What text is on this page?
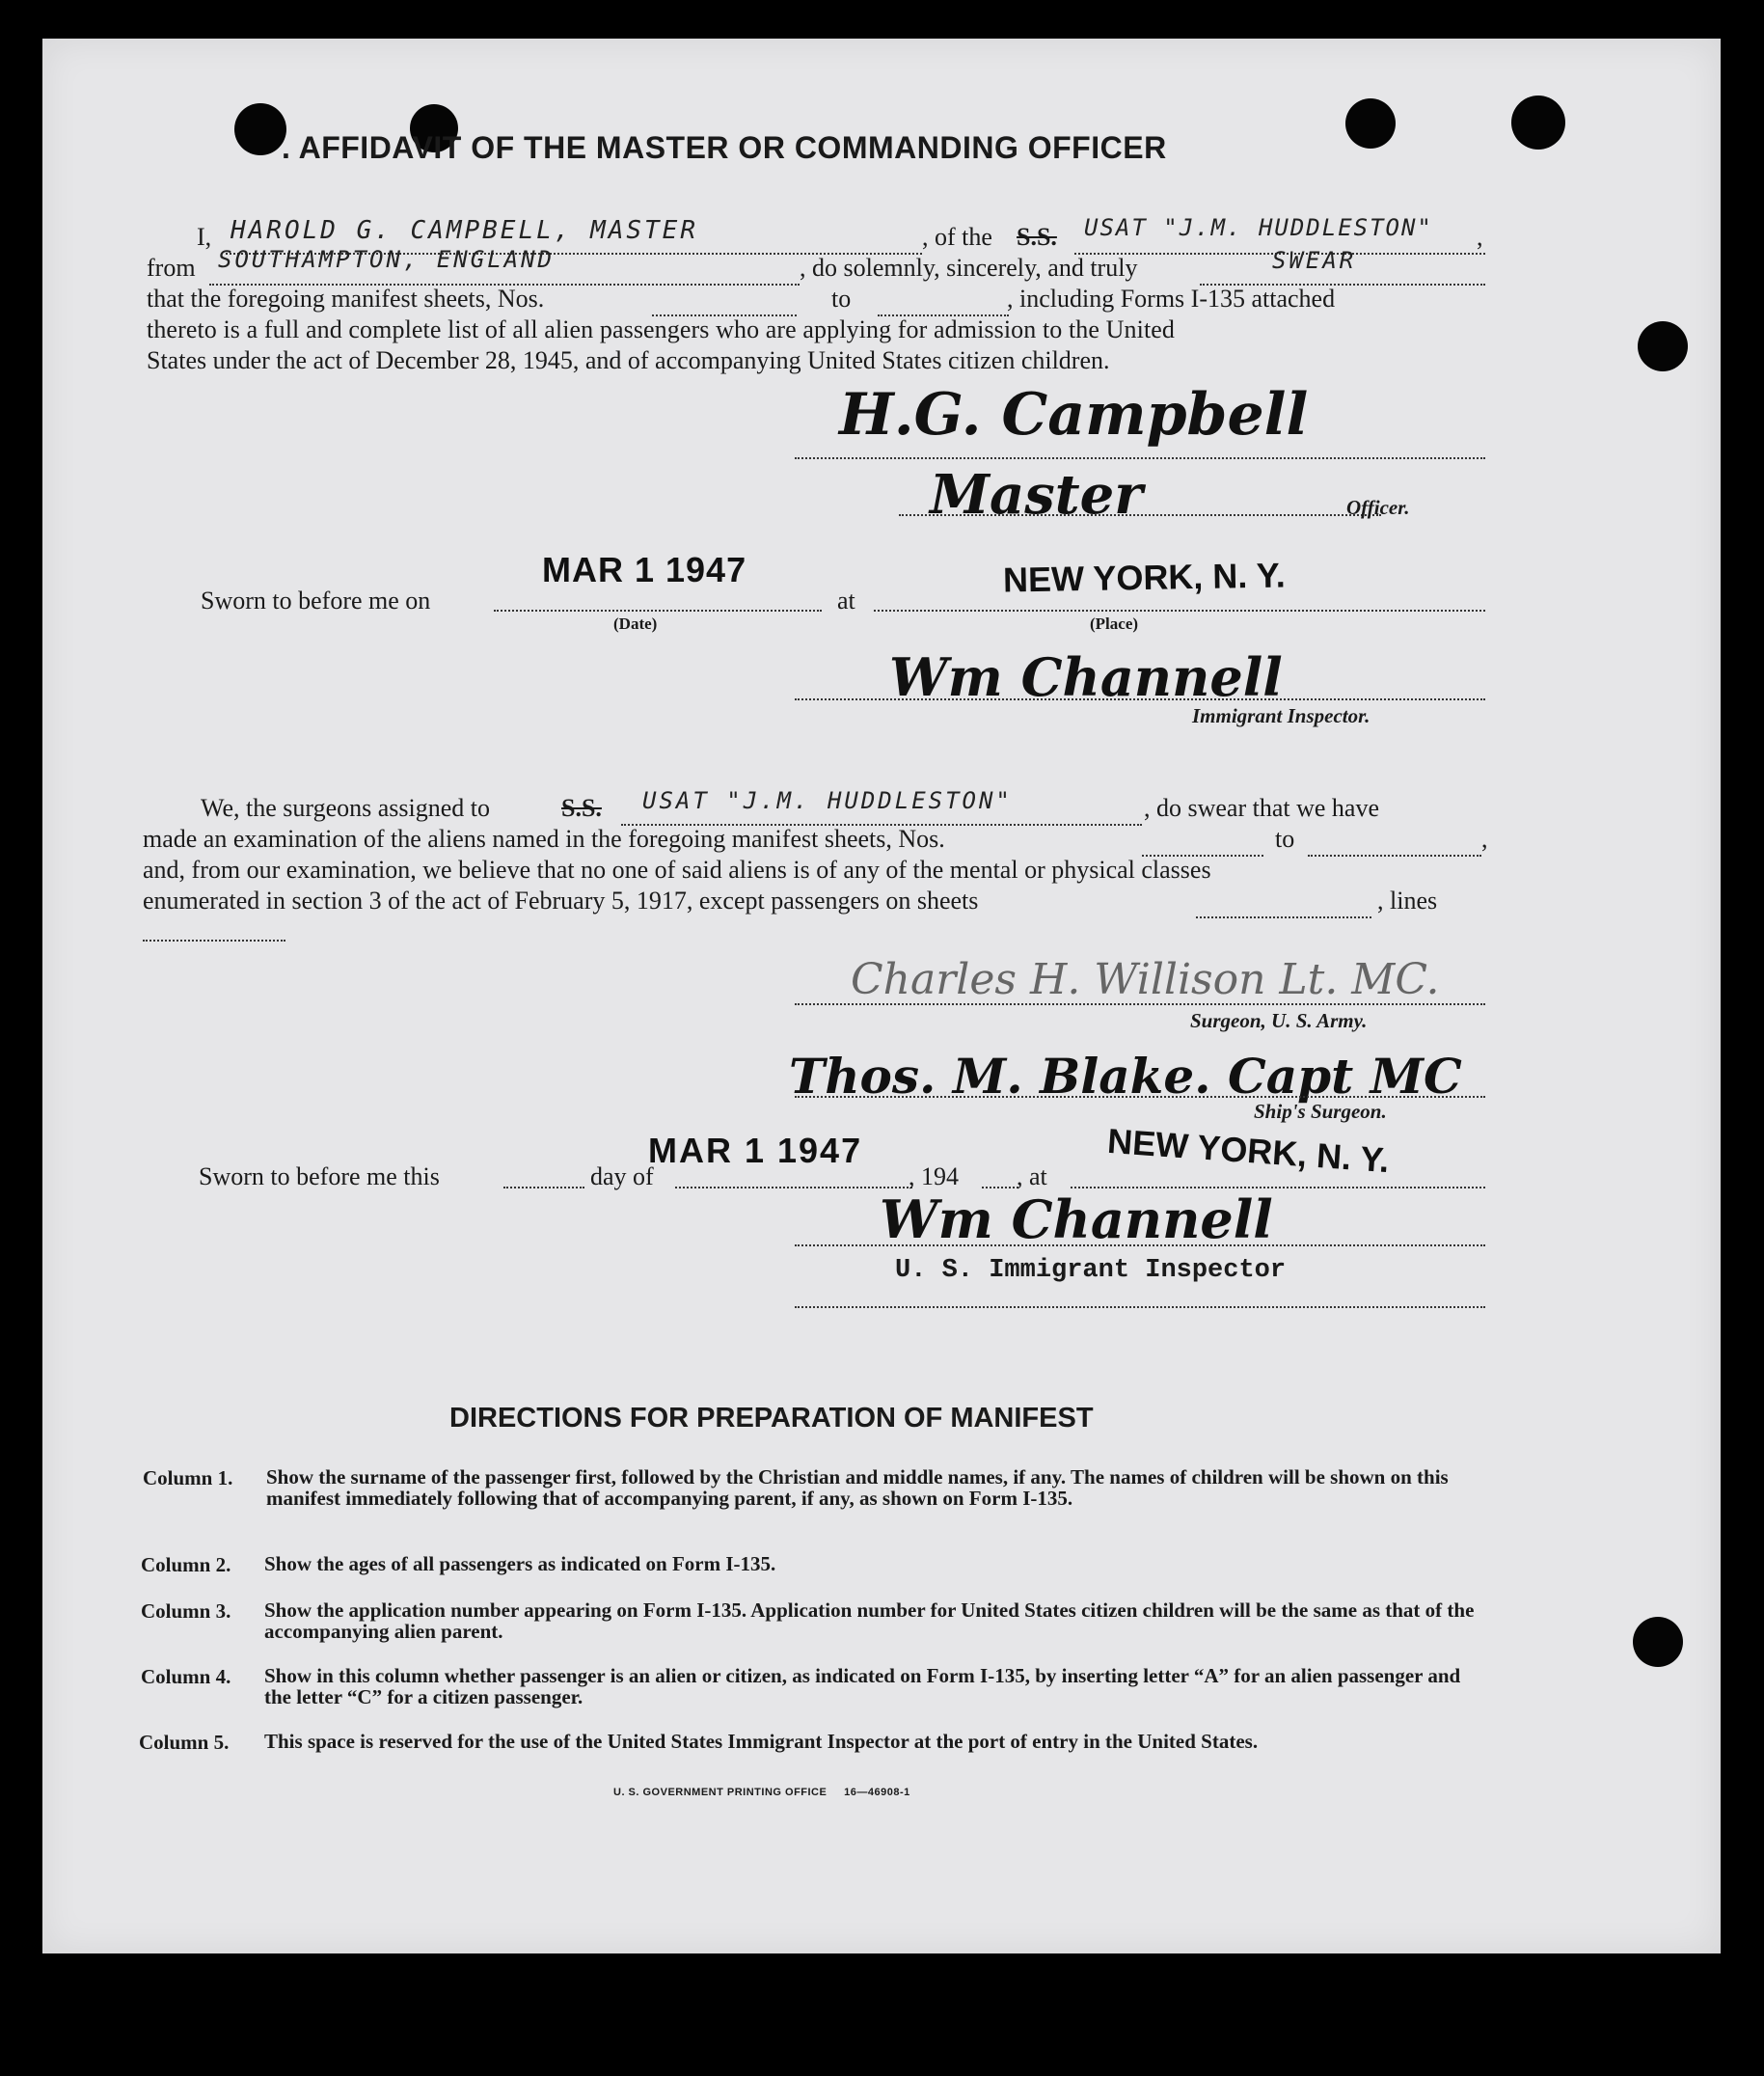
. AFFIDAVIT OF THE MASTER OR COMMANDING OFFICER
I, HAROLD G. CAMPBELL, MASTER	, of the S.S. USAT "J.M. HUDDLESTON" ,
from SOUTHAMPTON, ENGLAND	, do solemnly, sincerely, and truly	SWEAR
that the foregoing manifest sheets, Nos.	to	, including Forms I-135 attached
thereto is a full and complete list of all alien passengers who are applying for admission to the United
States under the act of December 28, 1945, and of accompanying United States citizen children.
H.G. Campbell
Master	Officer.
MAR 1 1947
Sworn to before me on	at
NEW YORK, N. Y.
(Date)	(Place)
Wm Channell
Immigrant Inspector.
We, the surgeons assigned to	S.S. USAT "J.M. HUDDLESTON"	, do swear that we have
made an examination of the aliens named in the foregoing manifest sheets, Nos.	to	,
and, from our examination, we believe that no one of said aliens is of any of the mental or physical classes
enumerated in section 3 of the act of February 5, 1917, except passengers on sheets	, lines
Charles H. Willison Lt. MC.
Surgeon, U. S. Army.
Thos. M. Blake. Capt MC
Ship's Surgeon.
MAR 1 1947	NEW YORK, N. Y.
Sworn to before me this	day of	, 194 , at
Wm Channell
U. S. Immigrant Inspector
DIRECTIONS FOR PREPARATION OF MANIFEST
Column 1. Show the surname of the passenger first, followed by the Christian and middle names, if any. The names of children will be shown on this manifest immediately following that of accompanying parent, if any, as shown on Form I-135.
Column 2. Show the ages of all passengers as indicated on Form I-135.
Column 3. Show the application number appearing on Form I-135. Application number for United States citizen children will be the same as that of the accompanying alien parent.
Column 4. Show in this column whether passenger is an alien or citizen, as indicated on Form I-135, by inserting letter “A” for an alien passenger and the letter “C” for a citizen passenger.
Column 5. This space is reserved for the use of the United States Immigrant Inspector at the port of entry in the United States.
U. S. GOVERNMENT PRINTING OFFICE     16—46908-1
